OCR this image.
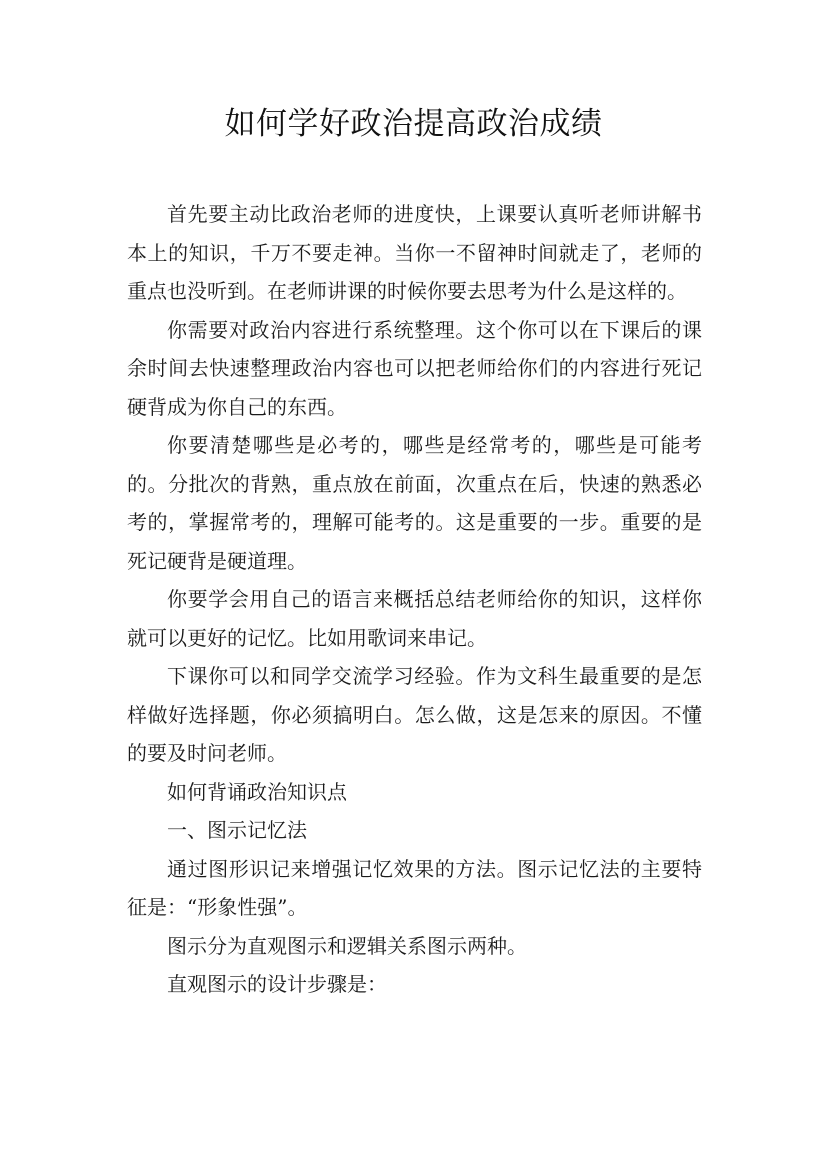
如何学好政治提高政治成绩

首先要主动比政治老师的进度快，上课要认真听老师讲解书本上的知识，千万不要走神。当你一不留神时间就走了，老师的重点也没听到。在老师讲课的时候你要去思考为什么是这样的。

你需要对政治内容进行系统整理。这个你可以在下课后的课余时间去快速整理政治内容也可以把老师给你们的内容进行死记硬背成为你自己的东西。

你要清楚哪些是必考的，哪些是经常考的，哪些是可能考的。分批次的背熟，重点放在前面，次重点在后，快速的熟悉必考的，掌握常考的，理解可能考的。这是重要的一步。重要的是死记硬背是硬道理。

你要学会用自己的语言来概括总结老师给你的知识，这样你就可以更好的记忆。比如用歌词来串记。

下课你可以和同学交流学习经验。作为文科生最重要的是怎样做好选择题，你必须搞明白。怎么做，这是怎来的原因。不懂的要及时问老师。

如何背诵政治知识点

一、图示记忆法

通过图形识记来增强记忆效果的方法。图示记忆法的主要特征是：“形象性强”。

图示分为直观图示和逻辑关系图示两种。

直观图示的设计步骤是：
